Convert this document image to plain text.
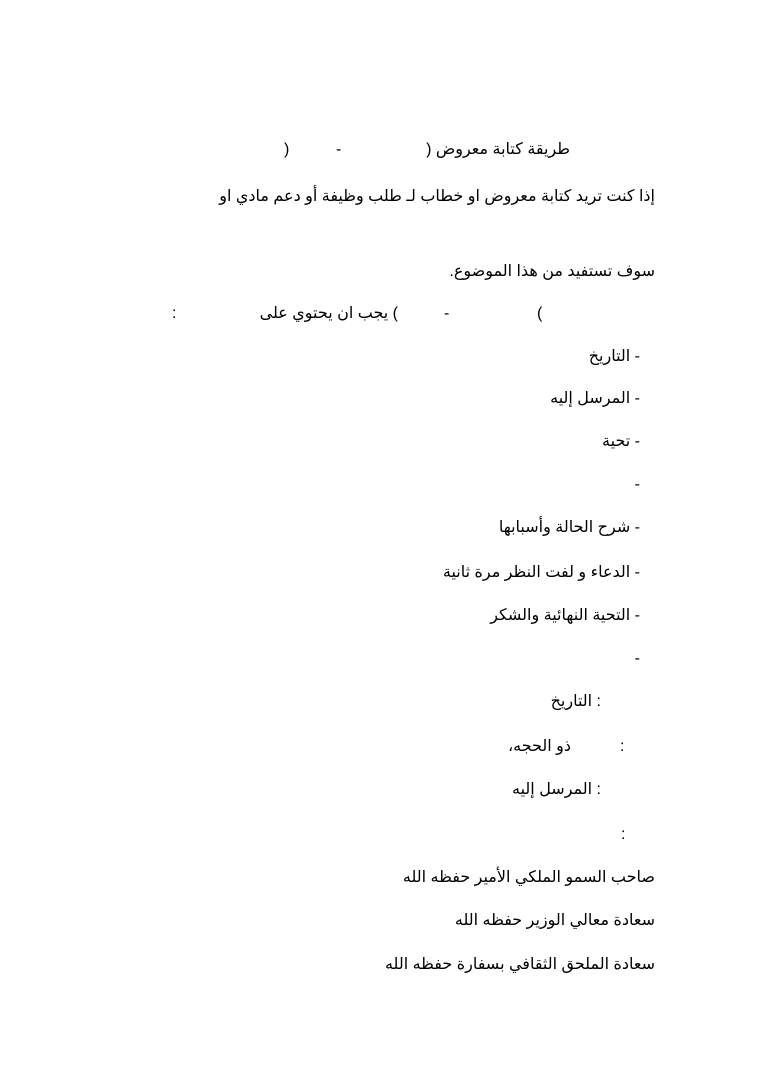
طريقة كتابة معروض (
-
)
إذا كنت تريد كتابة معروض او خطاب لـ طلب وظيفة أو دعم مادي او
سوف تستفيد من هذا الموضوع.
(
-
) يجب ان يحتوي على
:
- التاريخ
- المرسل إليه
- تحية
-
- شرح الحالة وأسبابها
- الدعاء و لفت النظر مرة ثانية
- التحية النهائية والشكر
-
: التاريخ
:
ذو الحجه،
: المرسل إليه
:
صاحب السمو الملكي الأمير حفظه الله
سعادة معالي الوزير حفظه الله
سعادة الملحق الثقافي بسفارة حفظه الله
